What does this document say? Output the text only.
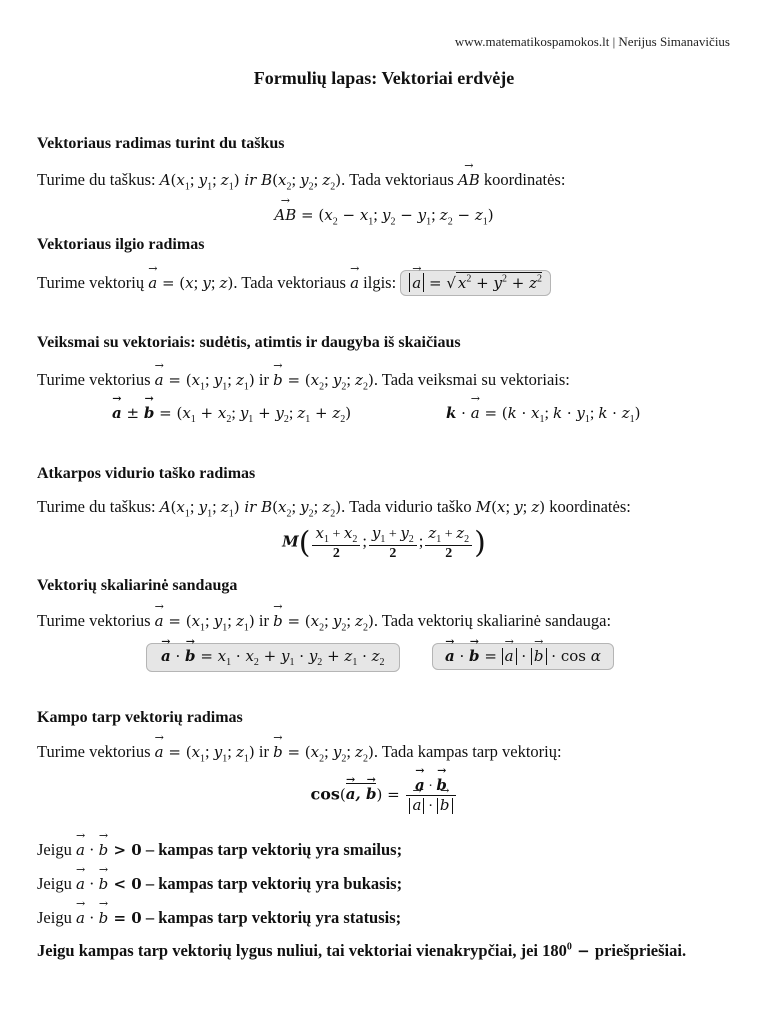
www.matematikospamokos.lt | Nerijus Simanavičius
Formulių lapas: Vektoriai erdvėje
Vektoriaus radimas turint du taškus
Turime du taškus: $A(x_1$; $y_1$; $z_1$) ir $B(x_2$; $y_2$; $z_2$). Tada vektoriaus → AB koordinatės:
→ AB = ($x_2 - x_1$; $y_2 - y_1$; $z_2 - z_1$)
Vektoriaus ilgio radimas
Turime vektorių → a = (x; y; z). Tada vektoriaus → a ilgis: → a = √ $x^2 + y^2 + z^2$
Veiksmai su vektoriais: sudėtis, atimtis ir daugyba iš skaičiaus
Turime vektorius → $a = (x_1$; $y_1$; $z_1$) ir → $b = (x_2$; $y_2$; $z_2$). Tada veiksmai su vektoriais:
→ a ± → $b = (x_1 + x_2$; $y_1 + y_2$; $z_1 + z_2$)	k · → $a = (k \cdot x_1$; $k \cdot y_1$; $k \cdot z_1$)
Atkarpos vidurio taško radimas
Turime du taškus: $A(x_1$; $y_1$; $z_1$) ir $B(x_2$; $y_2$; $z_2$). Tada vidurio taško M(x; y; z) koordinatės:
$M( \frac{x_1 + x_2}{2}$ ; $\frac{y_1 + y_2}{2}$ ; $\frac{z_1 + z_2}{2}$ )
Vektorių skaliarinė sandauga
Turime vektorius → $a = (x_1$; $y_1$; $z_1$) ir → $b = (x_2$; $y_2$; $z_2$). Tada vektorių skaliarinė sandauga:
→ a · → $b = x_1 \cdot x_2 + y_1 \cdot y_2 + z_1 \cdot z_2$	→ a · → b = → a · → b · cos α
Kampo tarp vektorių radimas
Turime vektorius → $a = (x_1$; $y_1$; $z_1$) ir → $b = (x_2$; $y_2$; $z_2$). Tada kampas tarp vektorių:
cos(→ a, → b) = → a · → b
→ a · → b
Jeigu → a · → b > 0 – kampas tarp vektorių yra smailus;
Jeigu → a · → b < 0 – kampas tarp vektorių yra bukasis;
Jeigu → a · → b = 0 – kampas tarp vektorių yra statusis;
Jeigu kampas tarp vektorių lygus nuliui, tai vektoriai vienakrypčiai, jei $180^0$ − priešpriešiai.
